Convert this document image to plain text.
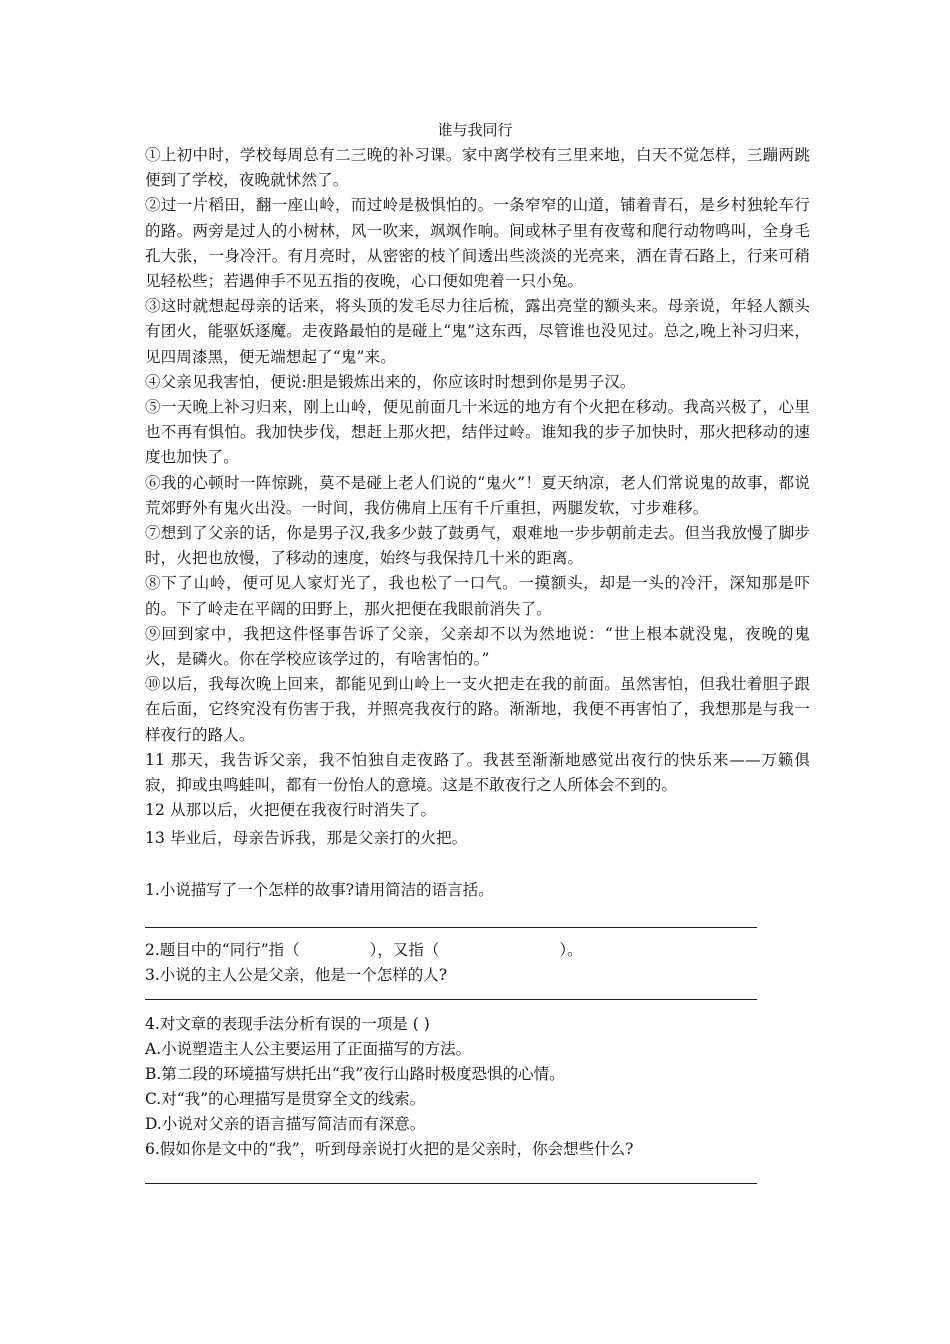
谁与我同行

①上初中时，学校每周总有二三晚的补习课。家中离学校有三里来地，白天不觉怎样，三蹦两跳便到了学校，夜晚就怵然了。

②过一片稻田，翻一座山岭，而过岭是极惧怕的。一条窄窄的山道，铺着青石，是乡村独轮车行的路。两旁是过人的小树林，风一吹来，飒飒作响。间或林子里有夜莺和爬行动物鸣叫，全身毛孔大张，一身冷汗。有月亮时，从密密的枝丫间透出些淡淡的光亮来，洒在青石路上，行来可稍见轻松些；若遇伸手不见五指的夜晚，心口便如兜着一只小兔。

③这时就想起母亲的话来，将头顶的发毛尽力往后梳，露出亮堂的额头来。母亲说，年轻人额头有团火，能驱妖逐魔。走夜路最怕的是碰上“鬼”这东西，尽管谁也没见过。总之,晚上补习归来，见四周漆黑，便无端想起了“鬼”来。

④父亲见我害怕，便说:胆是锻炼出来的，你应该时时想到你是男子汉。

⑤一天晚上补习归来，刚上山岭，便见前面几十米远的地方有个火把在移动。我高兴极了，心里也不再有惧怕。我加快步伐，想赶上那火把，结伴过岭。谁知我的步子加快时，那火把移动的速度也加快了。

⑥我的心顿时一阵惊跳，莫不是碰上老人们说的“鬼火”！夏天纳凉，老人们常说鬼的故事，都说荒郊野外有鬼火出没。一时间，我仿佛肩上压有千斤重担，两腿发软，寸步难移。

⑦想到了父亲的话，你是男子汉,我多少鼓了鼓勇气，艰难地一步步朝前走去。但当我放慢了脚步时，火把也放慢，了移动的速度，始终与我保持几十米的距离。

⑧下了山岭，便可见人家灯光了，我也松了一口气。一摸额头，却是一头的冷汗，深知那是吓的。下了岭走在平阔的田野上，那火把便在我眼前消失了。

⑨回到家中，我把这件怪事告诉了父亲，父亲却不以为然地说：“世上根本就没鬼，夜晚的鬼火，是磷火。你在学校应该学过的，有啥害怕的。”

⑩以后，我每次晚上回来，都能见到山岭上一支火把走在我的前面。虽然害怕，但我壮着胆子跟在后面，它终究没有伤害于我，并照亮我夜行的路。渐渐地，我便不再害怕了，我想那是与我一样夜行的路人。

11 那天，我告诉父亲，我不怕独自走夜路了。我甚至渐渐地感觉出夜行的快乐来——万籁俱寂，抑或虫鸣蛙叫，都有一份怡人的意境。这是不敢夜行之人所体会不到的。

12 从那以后，火把便在我夜行时消失了。

13 毕业后，母亲告诉我，那是父亲打的火把。

1.小说描写了一个怎样的故事?请用简洁的语言括。

2.题目中的“同行”指（	），又指（	）。

3.小说的主人公是父亲，他是一个怎样的人?

4.对文章的表现手法分析有误的一项是 ( )

A.小说塑造主人公主要运用了正面描写的方法。

B.第二段的环境描写烘托出“我”夜行山路时极度恐惧的心情。

C.对“我”的心理描写是贯穿全文的线索。

D.小说对父亲的语言描写简洁而有深意。

6.假如你是文中的“我”，听到母亲说打火把的是父亲时，你会想些什么?
